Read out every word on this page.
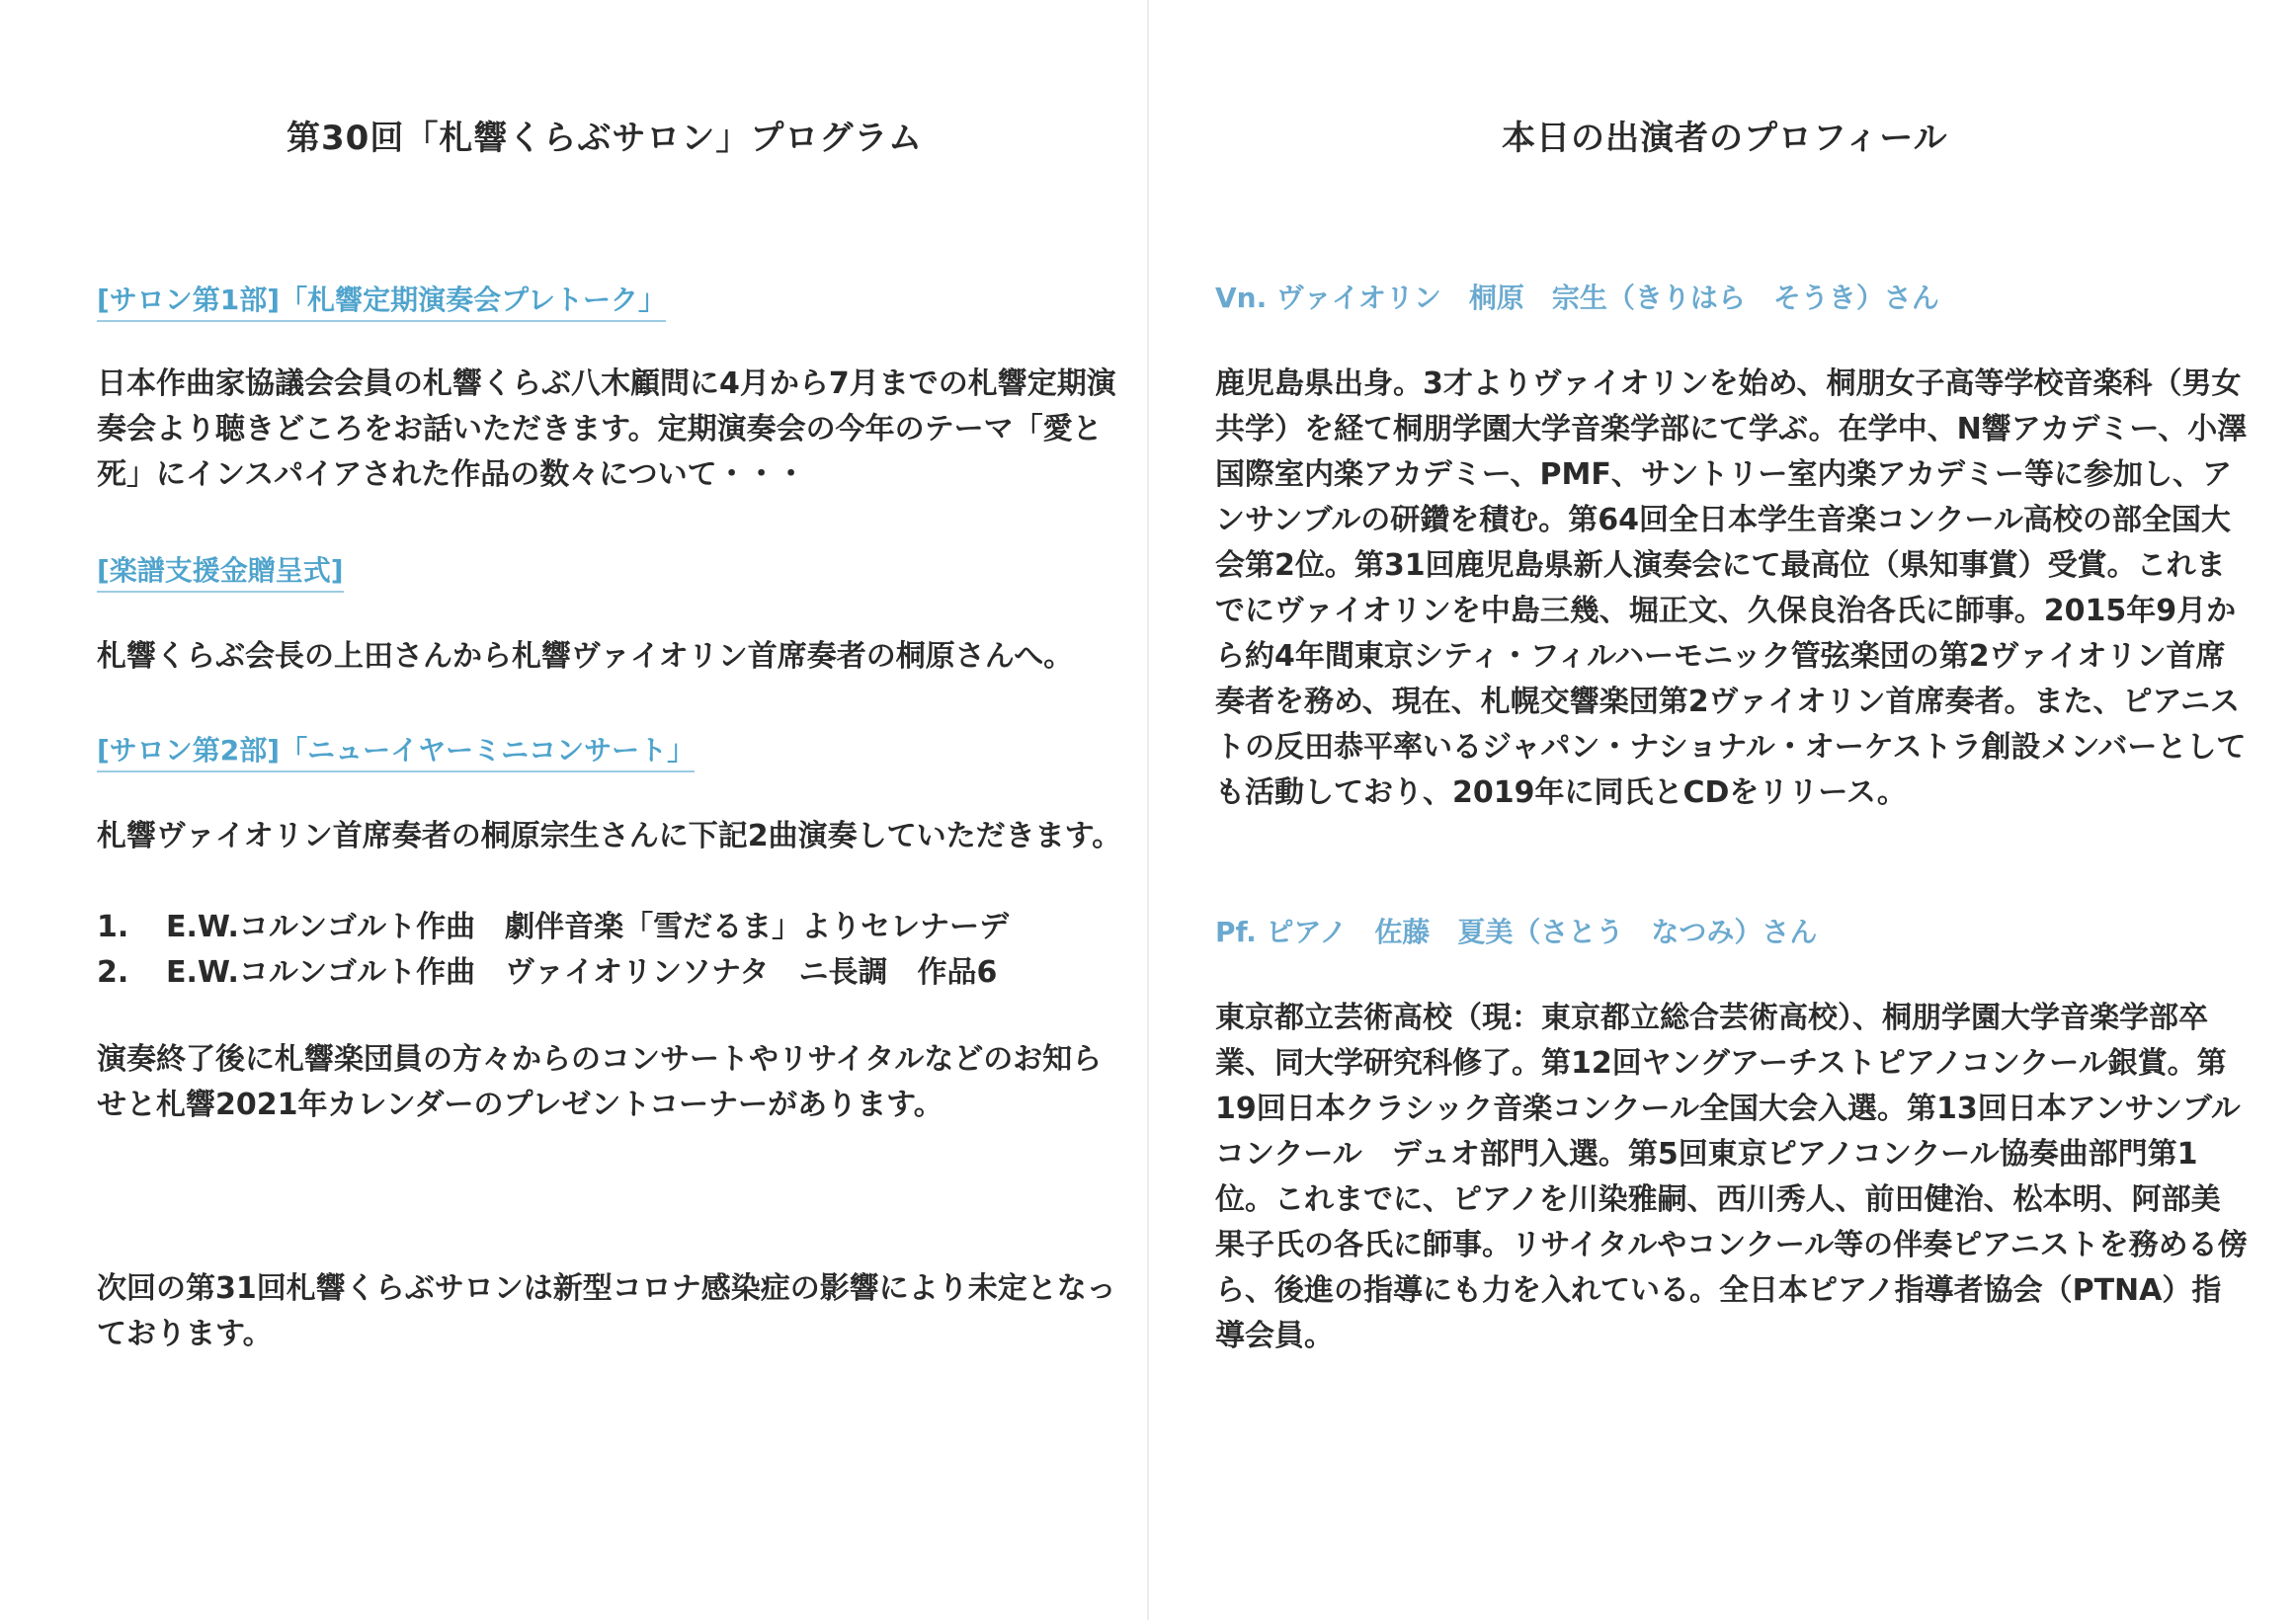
第30回「札響くらぶサロン」プログラム
[サロン第1部]「札響定期演奏会プレトーク」

日本作曲家協議会会員の札響くらぶ八木顧問に4月から7月までの札響定期演奏会より聴きどころをお話いただきます。定期演奏会の今年のテーマ「愛と死」にインスパイアされた作品の数々について・・・

[楽譜支援金贈呈式]

札響くらぶ会長の上田さんから札響ヴァイオリン首席奏者の桐原さんへ。

[サロン第2部]「ニューイヤーミニコンサート」

札響ヴァイオリン首席奏者の桐原宗生さんに下記2曲演奏していただきます。

1. E.W.コルンゴルト作曲　劇伴音楽「雪だるま」よりセレナーデ
2. E.W.コルンゴルト作曲　ヴァイオリンソナタ　ニ長調　作品6

演奏終了後に札響楽団員の方々からのコンサートやリサイタルなどのお知らせと札響2021年カレンダーのプレゼントコーナーがあります。

次回の第31回札響くらぶサロンは新型コロナ感染症の影響により未定となっております。

本日の出演者のプロフィール
Vn. ヴァイオリン　桐原　宗生（きりはら　そうき）さん

鹿児島県出身。3才よりヴァイオリンを始め、桐朋女子高等学校音楽科（男女共学）を経て桐朋学園大学音楽学部にて学ぶ。在学中、N響アカデミー、小澤国際室内楽アカデミー、PMF、サントリー室内楽アカデミー等に参加し、アンサンブルの研鑽を積む。第64回全日本学生音楽コンクール高校の部全国大会第2位。第31回鹿児島県新人演奏会にて最高位（県知事賞）受賞。これまでにヴァイオリンを中島三幾、堀正文、久保良治各氏に師事。2015年9月から約4年間東京シティ・フィルハーモニック管弦楽団の第2ヴァイオリン首席奏者を務め、現在、札幌交響楽団第2ヴァイオリン首席奏者。また、ピアニストの反田恭平率いるジャパン・ナショナル・オーケストラ創設メンバーとしても活動しており、2019年に同氏とCDをリリース。

Pf. ピアノ　佐藤　夏美（さとう　なつみ）さん

東京都立芸術高校（現：東京都立総合芸術高校）、桐朋学園大学音楽学部卒業、同大学研究科修了。第12回ヤングアーチストピアノコンクール銀賞。第19回日本クラシック音楽コンクール全国大会入選。第13回日本アンサンブルコンクール　デュオ部門入選。第5回東京ピアノコンクール協奏曲部門第1位。これまでに、ピアノを川染雅嗣、西川秀人、前田健治、松本明、阿部美果子氏の各氏に師事。リサイタルやコンクール等の伴奏ピアニストを務める傍ら、後進の指導にも力を入れている。全日本ピアノ指導者協会（PTNA）指導会員。
